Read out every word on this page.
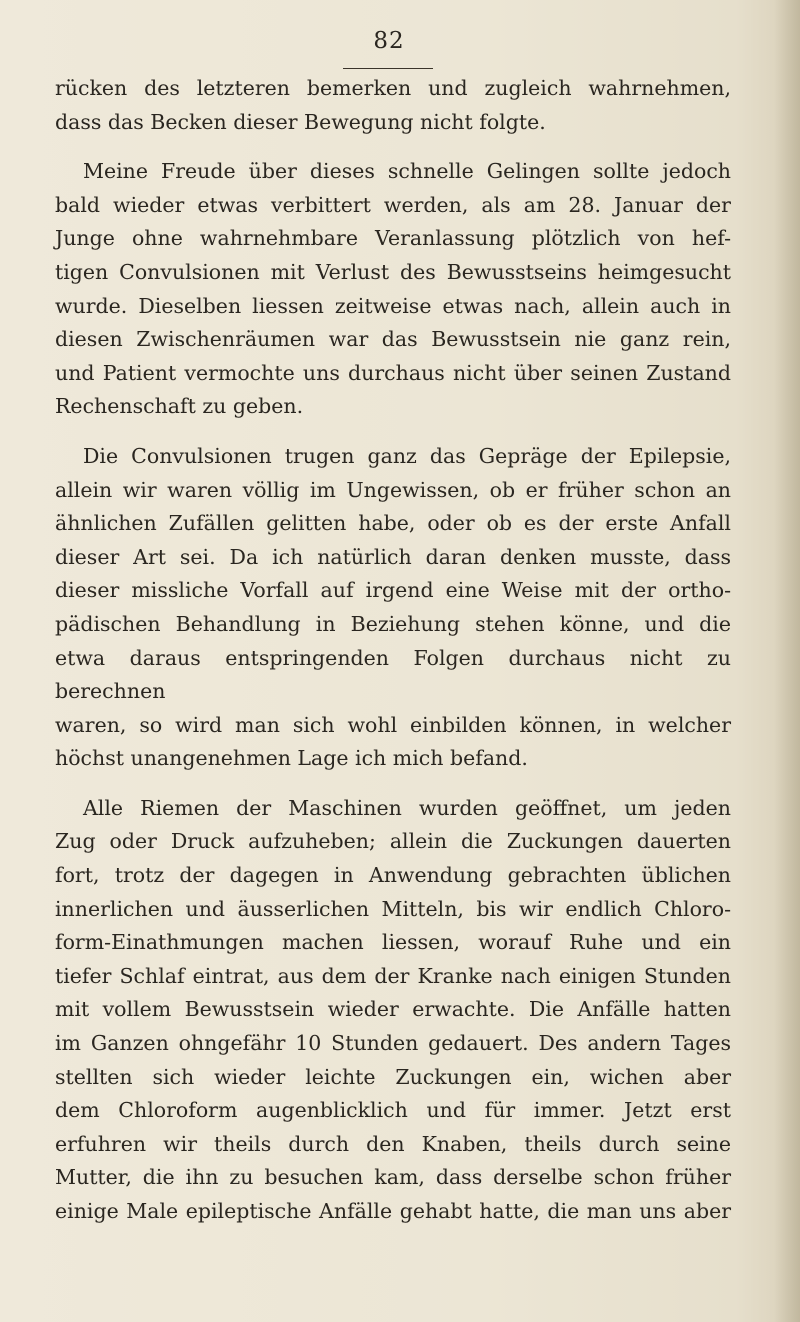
82

rücken des letzteren bemerken und zugleich wahrnehmen,

dass das Becken dieser Bewegung nicht folgte.

Meine Freude über dieses schnelle Gelingen sollte jedoch

bald wieder etwas verbittert werden, als am 28. Januar der

Junge ohne wahrnehmbare Veranlassung plötzlich von hef-

tigen Convulsionen mit Verlust des Bewusstseins heimgesucht

wurde. Dieselben liessen zeitweise etwas nach, allein auch in

diesen Zwischenräumen war das Bewusstsein nie ganz rein,

und Patient vermochte uns durchaus nicht über seinen Zustand

Rechenschaft zu geben.

Die Convulsionen trugen ganz das Gepräge der Epilepsie,

allein wir waren völlig im Ungewissen, ob er früher schon an

ähnlichen Zufällen gelitten habe, oder ob es der erste Anfall

dieser Art sei. Da ich natürlich daran denken musste, dass

dieser missliche Vorfall auf irgend eine Weise mit der ortho-

pädischen Behandlung in Beziehung stehen könne, und die

etwa daraus entspringenden Folgen durchaus nicht zu berechnen

waren, so wird man sich wohl einbilden können, in welcher

höchst unangenehmen Lage ich mich befand.

Alle Riemen der Maschinen wurden geöffnet, um jeden

Zug oder Druck aufzuheben; allein die Zuckungen dauerten

fort, trotz der dagegen in Anwendung gebrachten üblichen

innerlichen und äusserlichen Mitteln, bis wir endlich Chloro-

form-Einathmungen machen liessen, worauf Ruhe und ein

tiefer Schlaf eintrat, aus dem der Kranke nach einigen Stunden

mit vollem Bewusstsein wieder erwachte. Die Anfälle hatten

im Ganzen ohngefähr 10 Stunden gedauert. Des andern Tages

stellten sich wieder leichte Zuckungen ein, wichen aber

dem Chloroform augenblicklich und für immer. Jetzt erst

erfuhren wir theils durch den Knaben, theils durch seine

Mutter, die ihn zu besuchen kam, dass derselbe schon früher

einige Male epileptische Anfälle gehabt hatte, die man uns aber
